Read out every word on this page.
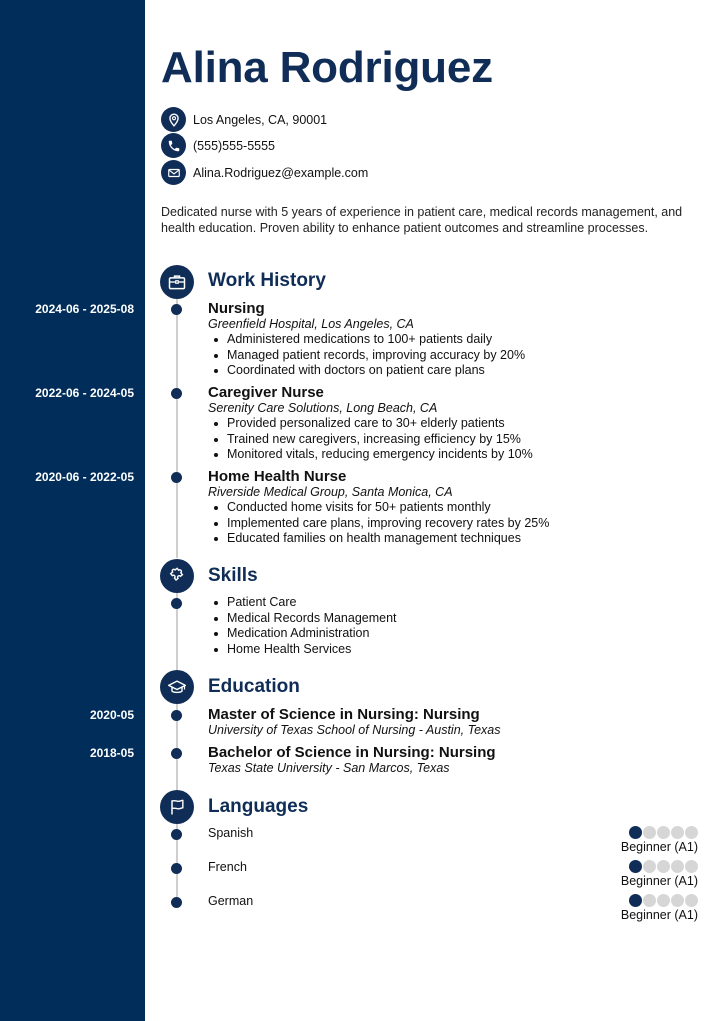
Alina Rodriguez
Los Angeles, CA, 90001
(555)555-5555
Alina.Rodriguez@example.com

Dedicated nurse with 5 years of experience in patient care, medical records management, and health education. Proven ability to enhance patient outcomes and streamline processes.

Work History
2024-06 - 2025-08	Nursing
Greenfield Hospital, Los Angeles, CA
Administered medications to 100+ patients daily
Managed patient records, improving accuracy by 20%
Coordinated with doctors on patient care plans
2022-06 - 2024-05	Caregiver Nurse
Serenity Care Solutions, Long Beach, CA
Provided personalized care to 30+ elderly patients
Trained new caregivers, increasing efficiency by 15%
Monitored vitals, reducing emergency incidents by 10%
2020-06 - 2022-05	Home Health Nurse
Riverside Medical Group, Santa Monica, CA
Conducted home visits for 50+ patients monthly
Implemented care plans, improving recovery rates by 25%
Educated families on health management techniques
Skills
Patient Care
Medical Records Management
Medication Administration
Home Health Services
Education
2020-05	Master of Science in Nursing: Nursing
University of Texas School of Nursing - Austin, Texas
2018-05	Bachelor of Science in Nursing: Nursing
Texas State University - San Marcos, Texas
Languages
Spanish
Beginner (A1)
French
Beginner (A1)
German
Beginner (A1)
